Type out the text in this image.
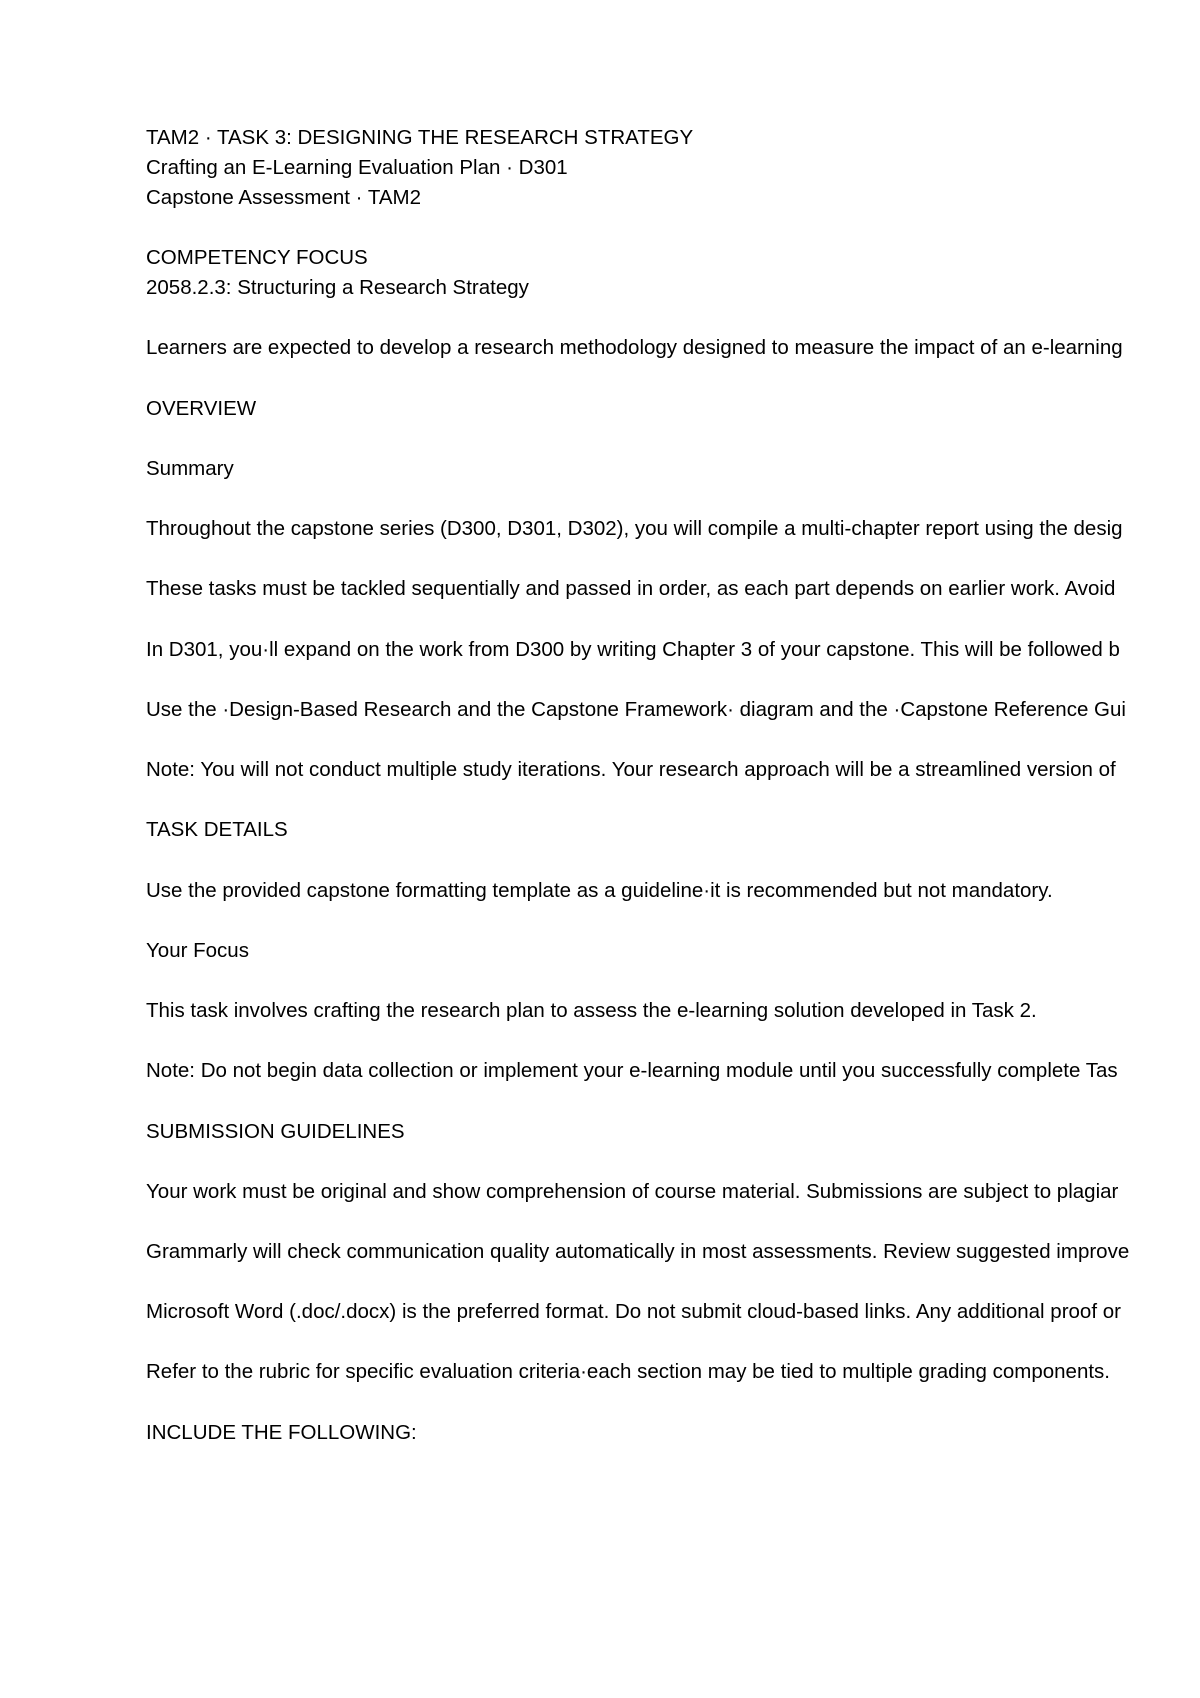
TAM2 · TASK 3: DESIGNING THE RESEARCH STRATEGY
Crafting an E-Learning Evaluation Plan · D301
Capstone Assessment · TAM2
COMPETENCY FOCUS
2058.2.3: Structuring a Research Strategy
Learners are expected to develop a research methodology designed to measure the impact of an e-learning
OVERVIEW
Summary
Throughout the capstone series (D300, D301, D302), you will compile a multi-chapter report using the desig
These tasks must be tackled sequentially and passed in order, as each part depends on earlier work. Avoid
In D301, you·ll expand on the work from D300 by writing Chapter 3 of your capstone. This will be followed b
Use the ·Design-Based Research and the Capstone Framework· diagram and the ·Capstone Reference Gui
Note: You will not conduct multiple study iterations. Your research approach will be a streamlined version of
TASK DETAILS
Use the provided capstone formatting template as a guideline·it is recommended but not mandatory.
Your Focus
This task involves crafting the research plan to assess the e-learning solution developed in Task 2.
Note: Do not begin data collection or implement your e-learning module until you successfully complete Tas
SUBMISSION GUIDELINES
Your work must be original and show comprehension of course material. Submissions are subject to plagiar
Grammarly will check communication quality automatically in most assessments. Review suggested improve
Microsoft Word (.doc/.docx) is the preferred format. Do not submit cloud-based links. Any additional proof or
Refer to the rubric for specific evaluation criteria·each section may be tied to multiple grading components.
INCLUDE THE FOLLOWING:
